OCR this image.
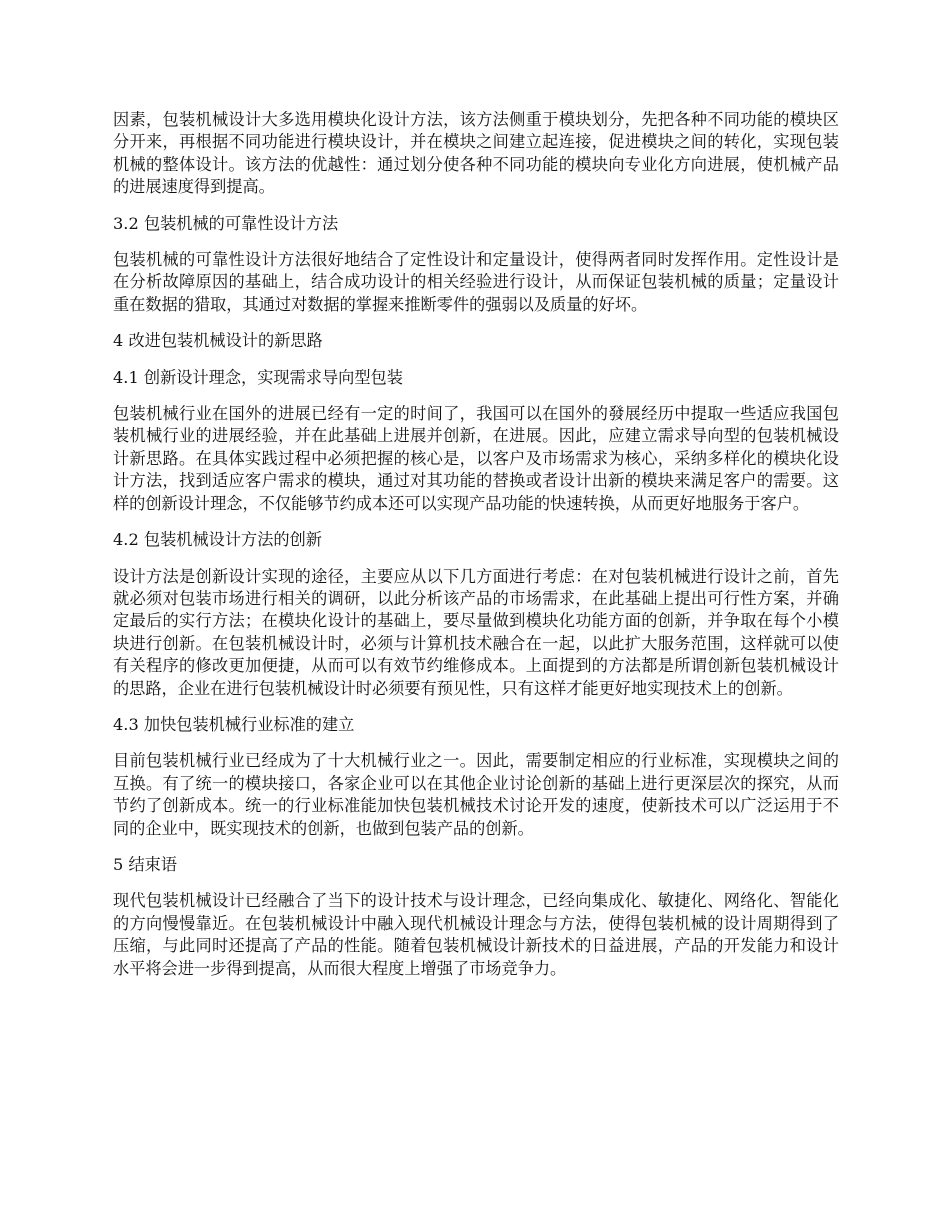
因素，包装机械设计大多选用模块化设计方法，该方法侧重于模块划分，先把各种不同功能的模块区分开来，再根据不同功能进行模块设计，并在模块之间建立起连接，促进模块之间的转化，实现包装机械的整体设计。该方法的优越性：通过划分使各种不同功能的模块向专业化方向进展，使机械产品的进展速度得到提高。

3.2 包装机械的可靠性设计方法

包装机械的可靠性设计方法很好地结合了定性设计和定量设计，使得两者同时发挥作用。定性设计是在分析故障原因的基础上，结合成功设计的相关经验进行设计，从而保证包装机械的质量；定量设计重在数据的猎取，其通过对数据的掌握来推断零件的强弱以及质量的好坏。

4 改进包装机械设计的新思路

4.1 创新设计理念，实现需求导向型包装

包装机械行业在国外的进展已经有一定的时间了，我国可以在国外的發展经历中提取一些适应我国包装机械行业的进展经验，并在此基础上进展并创新，在进展。因此，应建立需求导向型的包装机械设计新思路。在具体实践过程中必须把握的核心是，以客户及市场需求为核心，采纳多样化的模块化设计方法，找到适应客户需求的模块，通过对其功能的替换或者设计出新的模块来满足客户的需要。这样的创新设计理念，不仅能够节约成本还可以实现产品功能的快速转换，从而更好地服务于客户。

4.2 包装机械设计方法的创新

设计方法是创新设计实现的途径，主要应从以下几方面进行考虑：在对包装机械进行设计之前，首先就必须对包装市场进行相关的调研，以此分析该产品的市场需求，在此基础上提出可行性方案，并确定最后的实行方法；在模块化设计的基础上，要尽量做到模块化功能方面的创新，并争取在每个小模块进行创新。在包装机械设计时，必须与计算机技术融合在一起，以此扩大服务范围，这样就可以使有关程序的修改更加便捷，从而可以有效节约维修成本。上面提到的方法都是所谓创新包装机械设计的思路，企业在进行包装机械设计时必须要有预见性，只有这样才能更好地实现技术上的创新。

4.3 加快包装机械行业标准的建立

目前包装机械行业已经成为了十大机械行业之一。因此，需要制定相应的行业标准，实现模块之间的互换。有了统一的模块接口，各家企业可以在其他企业讨论创新的基础上进行更深层次的探究，从而节约了创新成本。统一的行业标准能加快包装机械技术讨论开发的速度，使新技术可以广泛运用于不同的企业中，既实现技术的创新，也做到包装产品的创新。

5 结束语

现代包装机械设计已经融合了当下的设计技术与设计理念，已经向集成化、敏捷化、网络化、智能化的方向慢慢靠近。在包装机械设计中融入现代机械设计理念与方法，使得包装机械的设计周期得到了压缩，与此同时还提高了产品的性能。随着包装机械设计新技术的日益进展，产品的开发能力和设计水平将会进一步得到提高，从而很大程度上增强了市场竞争力。
